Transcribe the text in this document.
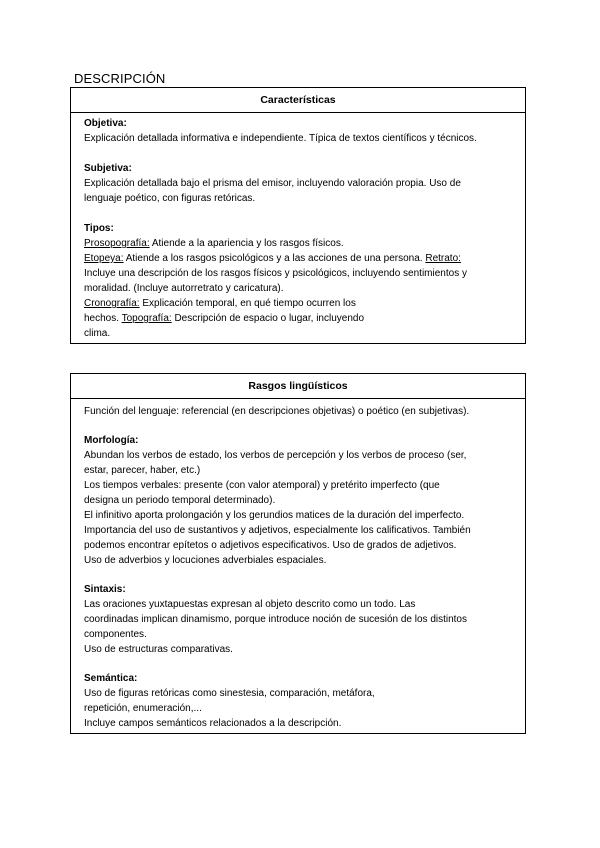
DESCRIPCIÓN
Características

Objetiva:

Explicación detallada informativa e independiente. Típica de textos científicos y técnicos.

Subjetiva:

Explicación detallada bajo el prisma del emisor, incluyendo valoración propia. Uso de

lenguaje poético, con figuras retóricas.

Tipos:

Prosopografía: Atiende a la apariencia y los rasgos físicos.

Etopeya: Atiende a los rasgos psicológicos y a las acciones de una persona. Retrato:

Incluye una descripción de los rasgos físicos y psicológicos, incluyendo sentimientos y

moralidad. (Incluye autorretrato y caricatura).

Cronografía: Explicación temporal, en qué tiempo ocurren los

hechos. Topografía: Descripción de espacio o lugar, incluyendo

clima.

Rasgos lingüísticos

Función del lenguaje: referencial (en descripciones objetivas) o poético (en subjetivas).

Morfología:

Abundan los verbos de estado, los verbos de percepción y los verbos de proceso (ser,

estar, parecer, haber, etc.)

Los tiempos verbales: presente (con valor atemporal) y pretérito imperfecto (que

designa un periodo temporal determinado).

El infinitivo aporta prolongación y los gerundios matices de la duración del imperfecto.

Importancia del uso de sustantivos y adjetivos, especialmente los calificativos. También

podemos encontrar epítetos o adjetivos especificativos. Uso de grados de adjetivos.

Uso de adverbios y locuciones adverbiales espaciales.

Sintaxis:

Las oraciones yuxtapuestas expresan al objeto descrito como un todo. Las

coordinadas implican dinamismo, porque introduce noción de sucesión de los distintos

componentes.

Uso de estructuras comparativas.

Semántica:

Uso de figuras retóricas como sinestesia, comparación, metáfora,

repetición, enumeración,...

Incluye campos semánticos relacionados a la descripción.
